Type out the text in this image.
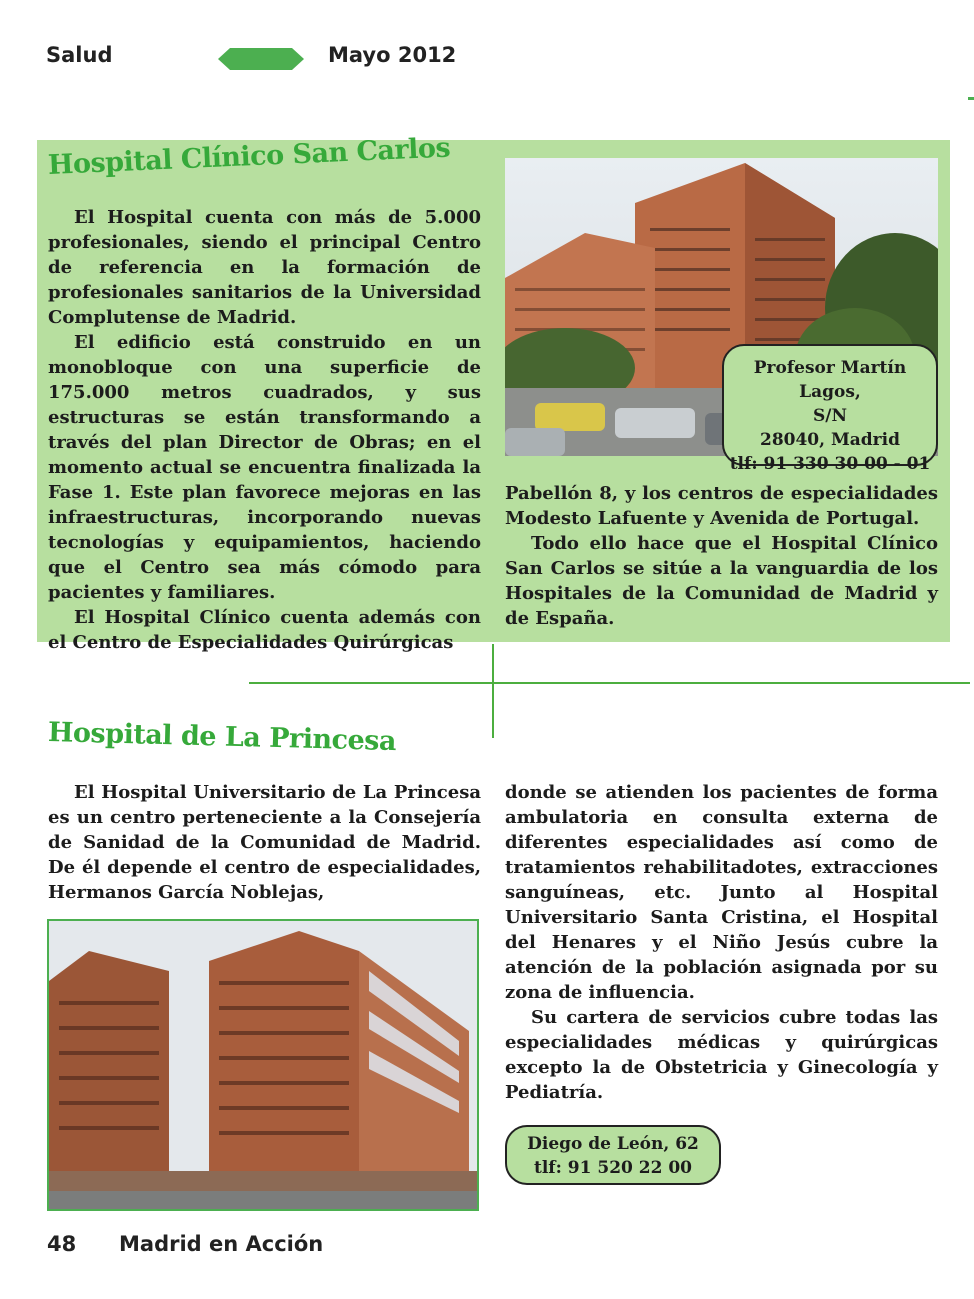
Salud	Mayo 2012
Hospital Clínico San Carlos

El Hospital cuenta con más de 5.000 profesionales, siendo el principal Centro de referencia en la formación de profesionales sanitarios de la Universidad Complutense de Madrid.

El edificio está construido en un monobloque con una superficie de 175.000 metros cuadrados, y sus estructuras se están transformando a través del plan Director de Obras; en el momento actual se encuentra finalizada la Fase 1. Este plan favorece mejoras en las infraestructuras, incorporando nuevas tecnologías y equipamientos, haciendo que el Centro sea más cómodo para pacientes y familiares.

El Hospital Clínico cuenta además con el Centro de Especialidades Quirúrgicas

Profesor Martín Lagos,
S/N
28040, Madrid
tlf: 91 330 30 00 - 01

Pabellón 8, y los centros de especialidades Modesto Lafuente y Avenida de Portugal.

Todo ello hace que el Hospital Clínico San Carlos se sitúe a la vanguardia de los Hospitales de la Comunidad de Madrid y de España.

Hospital de La Princesa

El Hospital Universitario de La Princesa es un centro perteneciente a la Consejería de Sanidad de la Comunidad de Madrid. De él depende el centro de especialidades, Hermanos García Noblejas,

donde se atienden los pacientes de forma ambulatoria en consulta externa de diferentes especialidades así como de tratamientos rehabilitadotes, extracciones sanguíneas, etc. Junto al Hospital Universitario Santa Cristina, el Hospital del Henares y el Niño Jesús cubre la atención de la población asignada por su zona de influencia.

Su cartera de servicios cubre todas las especialidades médicas y quirúrgicas excepto la de Obstetricia y Ginecología y Pediatría.

Diego de León, 62
tlf: 91 520 22 00
48 Madrid en Acción
